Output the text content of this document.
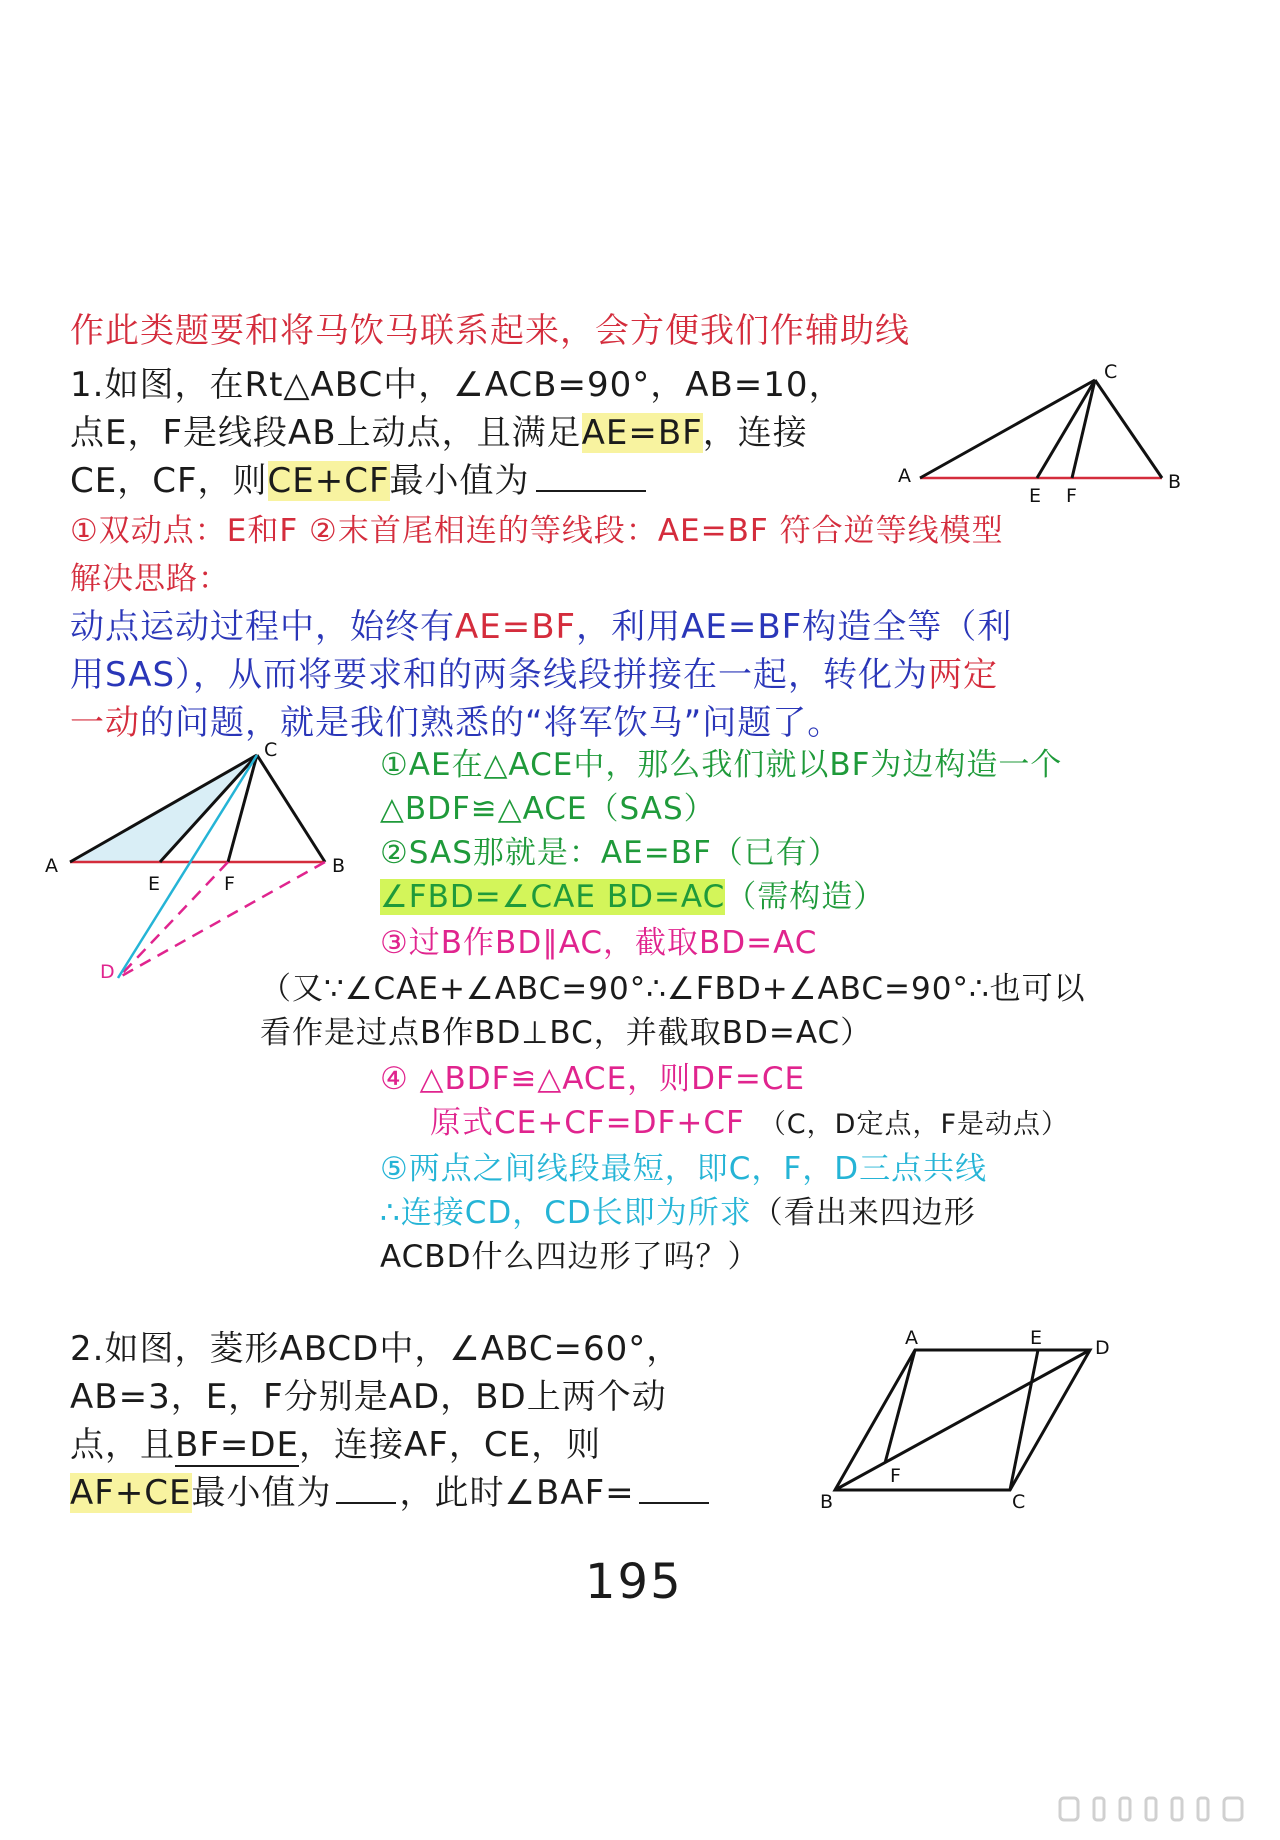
作此类题要和将马饮马联系起来，会方便我们作辅助线
1.如图，在Rt△ABC中，∠ACB=90°，AB=10，
点E，F是线段AB上动点，且满足AE=BF，连接
CE，CF，则CE+CF最小值为	A	B
C
E F
①双动点：E和F ②末首尾相连的等线段：AE=BF 符合逆等线模型
解决思路：
动点运动过程中，始终有AE=BF，利用AE=BF构造全等（利
用SAS），从而将要求和的两条线段拼接在一起，转化为两定
一动的问题，就是我们熟悉的“将军饮马”问题了。
A	B
C
E	F
D
①AE在△ACE中，那么我们就以BF为边构造一个
△BDF≌△ACE（SAS）
②SAS那就是：AE=BF（已有）
∠FBD=∠CAE BD=AC（需构造）
③过B作BD∥AC，截取BD=AC
（又∵∠CAE+∠ABC=90°∴∠FBD+∠ABC=90°∴也可以
看作是过点B作BD⊥BC，并截取BD=AC）
④ △BDF≌△ACE，则DF=CE
原式CE+CF=DF+CF （C，D定点，F是动点）
⑤两点之间线段最短，即C，F，D三点共线
∴连接CD，CD长即为所求（看出来四边形
ACBD什么四边形了吗？）
2.如图，菱形ABCD中，∠ABC=60°，
AB=3，E，F分别是AD，BD上两个动
点，且BF=DE，连接AF，CE，则
AF+CE最小值为 ，此时∠BAF=
A	E	D
B	C
F
195
